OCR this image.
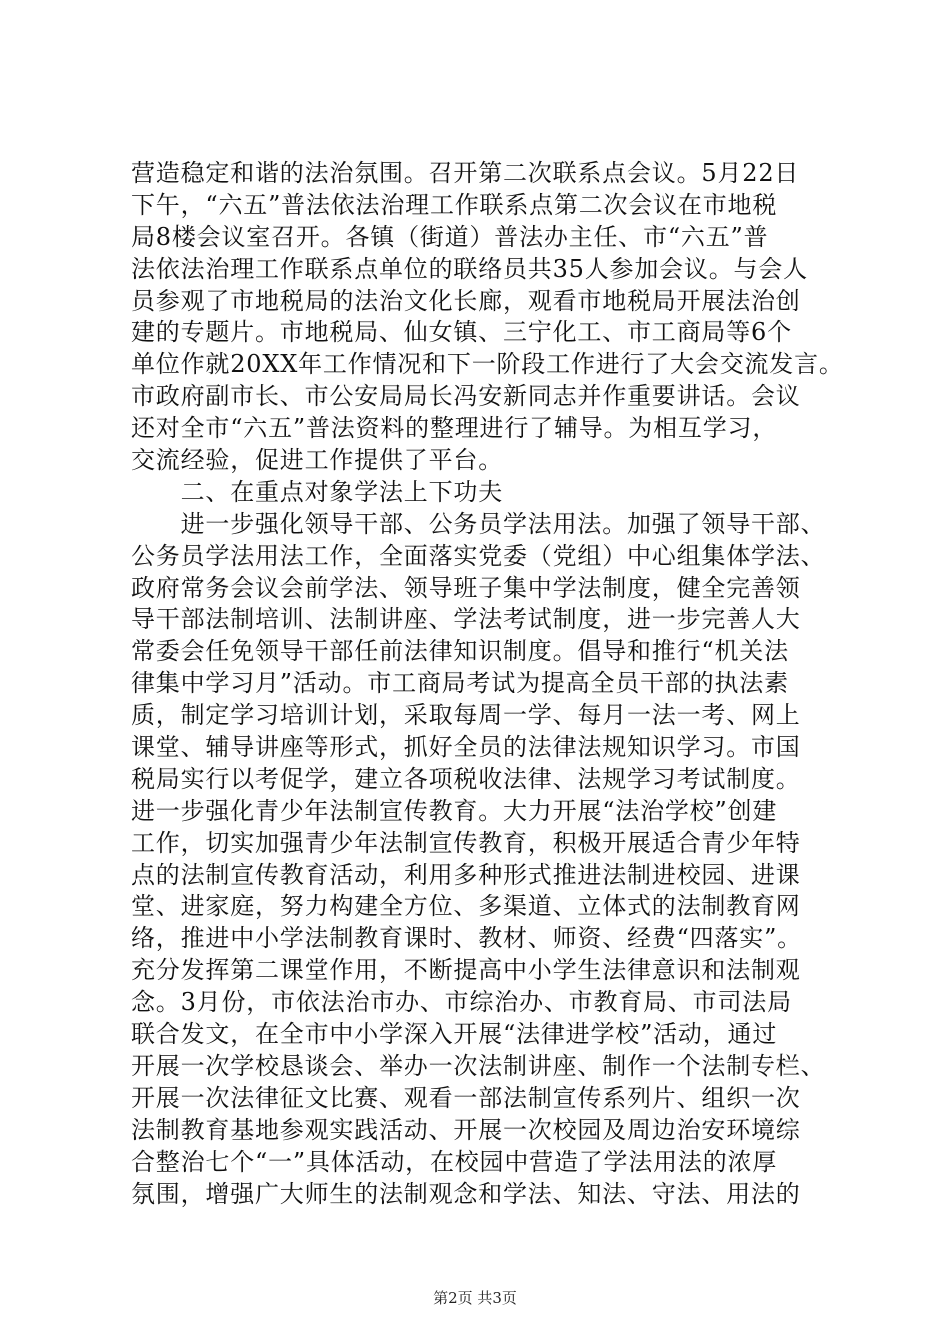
营造稳定和谐的法治氛围。召开第二次联系点会议。5月22日
下午，“六五”普法依法治理工作联系点第二次会议在市地税
局8楼会议室召开。各镇（街道）普法办主任、市“六五”普
法依法治理工作联系点单位的联络员共35人参加会议。与会人
员参观了市地税局的法治文化长廊，观看市地税局开展法治创
建的专题片。市地税局、仙女镇、三宁化工、市工商局等6个
单位作就20XX年工作情况和下一阶段工作进行了大会交流发言。
市政府副市长、市公安局局长冯安新同志并作重要讲话。会议
还对全市“六五”普法资料的整理进行了辅导。为相互学习，
交流经验，促进工作提供了平台。
　　二、在重点对象学法上下功夫
　　进一步强化领导干部、公务员学法用法。加强了领导干部、
公务员学法用法工作，全面落实党委（党组）中心组集体学法、
政府常务会议会前学法、领导班子集中学法制度，健全完善领
导干部法制培训、法制讲座、学法考试制度，进一步完善人大
常委会任免领导干部任前法律知识制度。倡导和推行“机关法
律集中学习月”活动。市工商局考试为提高全员干部的执法素
质，制定学习培训计划，采取每周一学、每月一法一考、网上
课堂、辅导讲座等形式，抓好全员的法律法规知识学习。市国
税局实行以考促学，建立各项税收法律、法规学习考试制度。
进一步强化青少年法制宣传教育。大力开展“法治学校”创建
工作，切实加强青少年法制宣传教育，积极开展适合青少年特
点的法制宣传教育活动，利用多种形式推进法制进校园、进课
堂、进家庭，努力构建全方位、多渠道、立体式的法制教育网
络，推进中小学法制教育课时、教材、师资、经费“四落实”。
充分发挥第二课堂作用，不断提高中小学生法律意识和法制观
念。3月份，市依法治市办、市综治办、市教育局、市司法局
联合发文，在全市中小学深入开展“法律进学校”活动，通过
开展一次学校恳谈会、举办一次法制讲座、制作一个法制专栏、
开展一次法律征文比赛、观看一部法制宣传系列片、组织一次
法制教育基地参观实践活动、开展一次校园及周边治安环境综
合整治七个“一”具体活动，在校园中营造了学法用法的浓厚
氛围，增强广大师生的法制观念和学法、知法、守法、用法的
第2页 共3页
